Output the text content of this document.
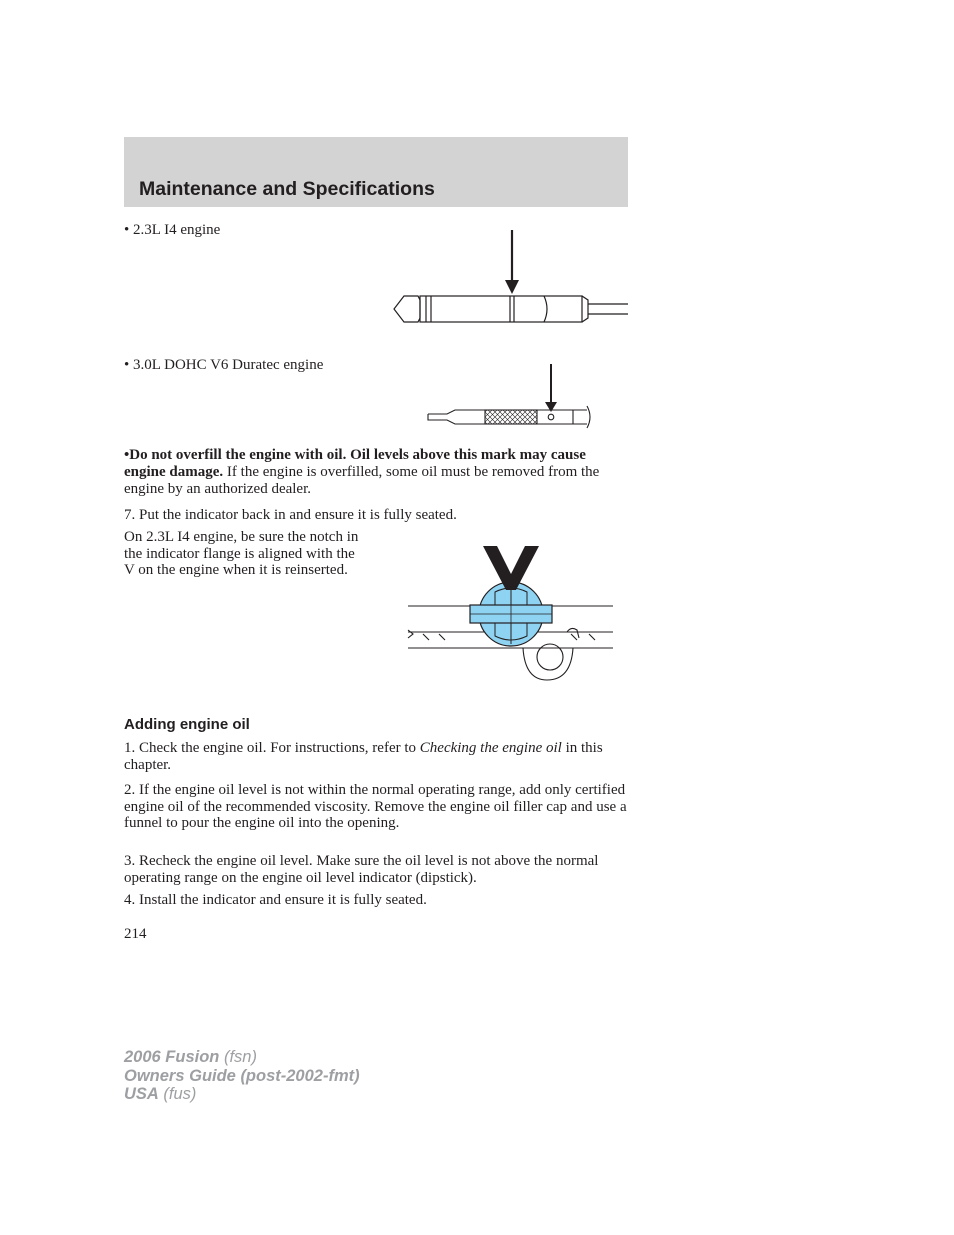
Maintenance and Specifications
• 2.3L I4 engine
• 3.0L DOHC V6 Duratec engine
•Do not overfill the engine with oil. Oil levels above this mark may cause engine damage. If the engine is overfilled, some oil must be removed from the engine by an authorized dealer.
7. Put the indicator back in and ensure it is fully seated.
On 2.3L I4 engine, be sure the notch in the indicator flange is aligned with the V on the engine when it is reinserted.
Adding engine oil
1. Check the engine oil. For instructions, refer to Checking the engine oil in this chapter.
2. If the engine oil level is not within the normal operating range, add only certified engine oil of the recommended viscosity. Remove the engine oil filler cap and use a funnel to pour the engine oil into the opening.
3. Recheck the engine oil level. Make sure the oil level is not above the normal operating range on the engine oil level indicator (dipstick).
4. Install the indicator and ensure it is fully seated.
214
2006 Fusion (fsn)
Owners Guide (post-2002-fmt)
USA (fus)
